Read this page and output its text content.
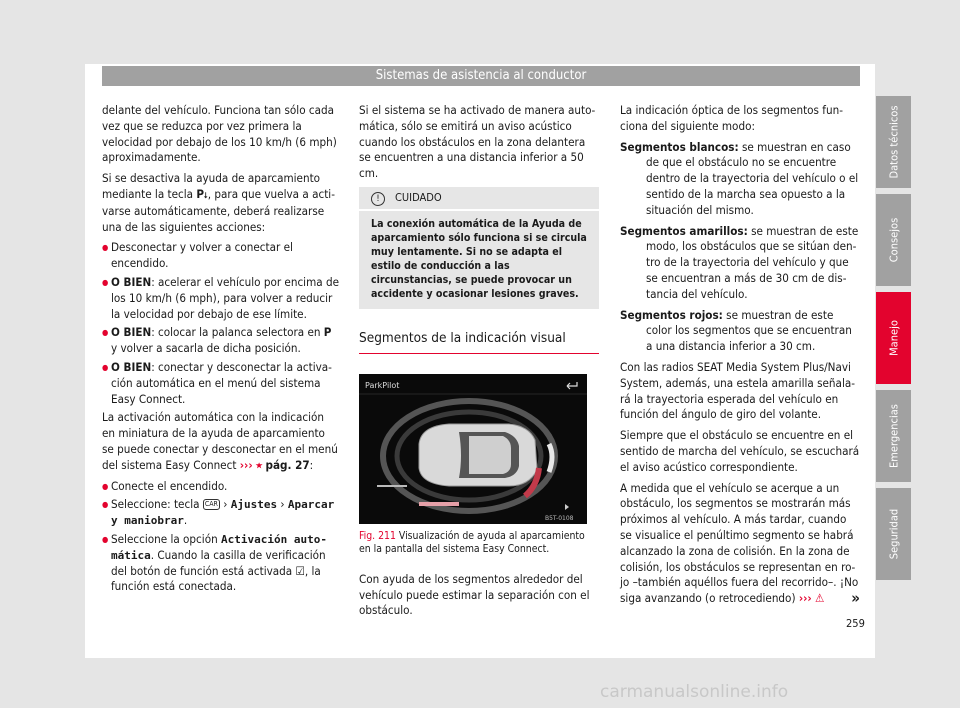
Sistemas de asistencia al conductor

delante del vehículo. Funciona tan sólo cada vez que se reduzca por vez primera la velocidad por debajo de los 10 km/h (6 mph) aproximadamente.

Si se desactiva la ayuda de aparcamiento mediante la tecla P⭣, para que vuelva a activarse automáticamente, deberá realizarse una de las siguientes acciones:

● Desconectar y volver a conectar el encendido.
● O BIEN: acelerar el vehículo por encima de los 10 km/h (6 mph), para volver a reducir la velocidad por debajo de ese límite.
● O BIEN: colocar la palanca selectora en P y volver a sacarla de dicha posición.
● O BIEN: conectar y desconectar la activación automática en el menú del sistema Easy Connect.

La activación automática con la indicación en miniatura de la ayuda de aparcamiento se puede conectar y desconectar en el menú del sistema Easy Connect ››› ⭒ pág. 27:

● Conecte el encendido.
● Seleccione: tecla CAR › Ajustes › Aparcar y maniobrar.
● Seleccione la opción Activación automática. Cuando la casilla de verificación del botón de función está activada ☑, la función está conectada.

Si el sistema se ha activado de manera automática, sólo se emitirá un aviso acústico cuando los obstáculos en la zona delantera se encuentren a una distancia inferior a 50 cm.

! CUIDADO
La conexión automática de la Ayuda de aparcamiento sólo funciona si se circula muy lentamente. Si no se adapta el estilo de conducción a las circunstancias, se puede provocar un accidente y ocasionar lesiones graves.
Segmentos de la indicación visual
ParkPilot
B5T-0108
Fig. 211 Visualización de ayuda al aparcamiento en la pantalla del sistema Easy Connect.

Con ayuda de los segmentos alrededor del vehículo puede estimar la separación con el obstáculo.

La indicación óptica de los segmentos funciona del siguiente modo:

Segmentos blancos: se muestran en caso de que el obstáculo no se encuentre dentro de la trayectoria del vehículo o el sentido de la marcha sea opuesto a la situación del mismo.

Segmentos amarillos: se muestran de este modo, los obstáculos que se sitúan dentro de la trayectoria del vehículo y que se encuentran a más de 30 cm de distancia del vehículo.

Segmentos rojos: se muestran de este color los segmentos que se encuentran a una distancia inferior a 30 cm.

Con las radios SEAT Media System Plus/Navi System, además, una estela amarilla señalará la trayectoria esperada del vehículo en función del ángulo de giro del volante.

Siempre que el obstáculo se encuentre en el sentido de marcha del vehículo, se escuchará el aviso acústico correspondiente.

A medida que el vehículo se acerque a un obstáculo, los segmentos se mostrarán más próximos al vehículo. A más tardar, cuando se visualice el penúltimo segmento se habrá alcanzado la zona de colisión. En la zona de colisión, los obstáculos se representan en rojo –también aquéllos fuera del recorrido–. ¡No siga avanzando (o retrocediendo) ››› ⚠ »

Datos técnicos
Consejos
Manejo
Emergencias
Seguridad
259
carmanualsonline.info
